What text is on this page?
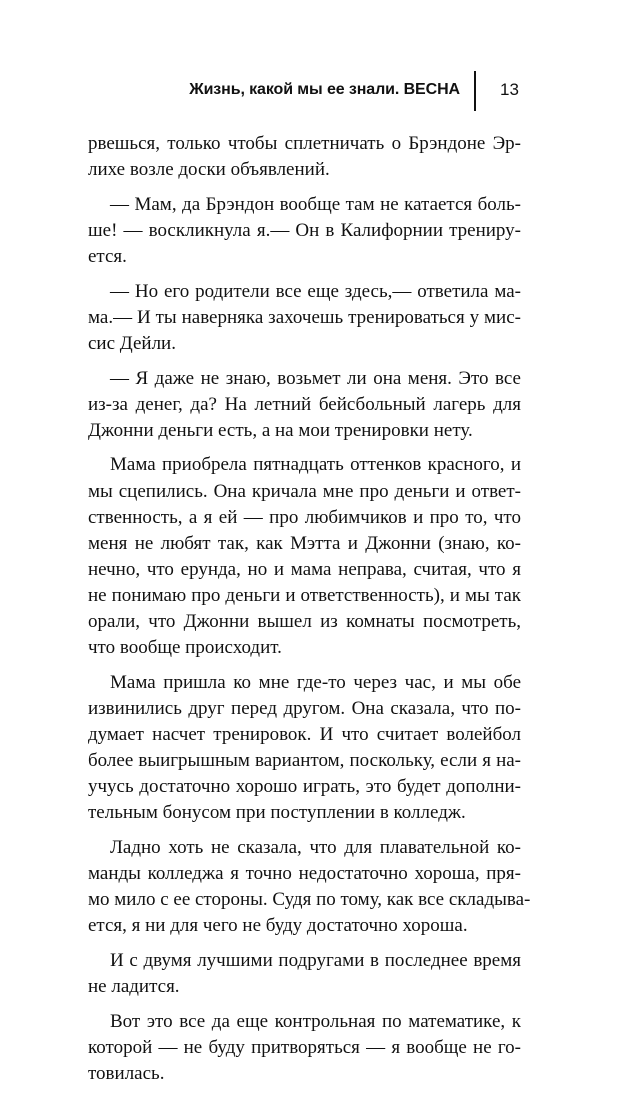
Жизнь, какой мы ее знали. ВЕСНА 13
рвешься, только чтобы сплетничать о Брэндоне Эр-
лихе возле доски объявлений.
— Мам, да Брэндон вообще там не катается боль-
ше! — воскликнула я.— Он в Калифорнии трениру-
ется.
— Но его родители все еще здесь,— ответила ма-
ма.— И ты наверняка захочешь тренироваться у мис-
сис Дейли.
— Я даже не знаю, возьмет ли она меня. Это все
из-за денег, да? На летний бейсбольный лагерь для
Джонни деньги есть, а на мои тренировки нету.
Мама приобрела пятнадцать оттенков красного, и
мы сцепились. Она кричала мне про деньги и ответ-
ственность, а я ей — про любимчиков и про то, что
меня не любят так, как Мэтта и Джонни (знаю, ко-
нечно, что ерунда, но и мама неправа, считая, что я
не понимаю про деньги и ответственность), и мы так
орали, что Джонни вышел из комнаты посмотреть,
что вообще происходит.
Мама пришла ко мне где-то через час, и мы обе
извинились друг перед другом. Она сказала, что по-
думает насчет тренировок. И что считает волейбол
более выигрышным вариантом, поскольку, если я на-
учусь достаточно хорошо играть, это будет дополни-
тельным бонусом при поступлении в колледж.
Ладно хоть не сказала, что для плавательной ко-
манды колледжа я точно недостаточно хороша, пря-
мо мило с ее стороны. Судя по тому, как все складыва-
ется, я ни для чего не буду достаточно хороша.
И с двумя лучшими подругами в последнее время
не ладится.
Вот это все да еще контрольная по математике, к
которой — не буду притворяться — я вообще не го-
товилась.
